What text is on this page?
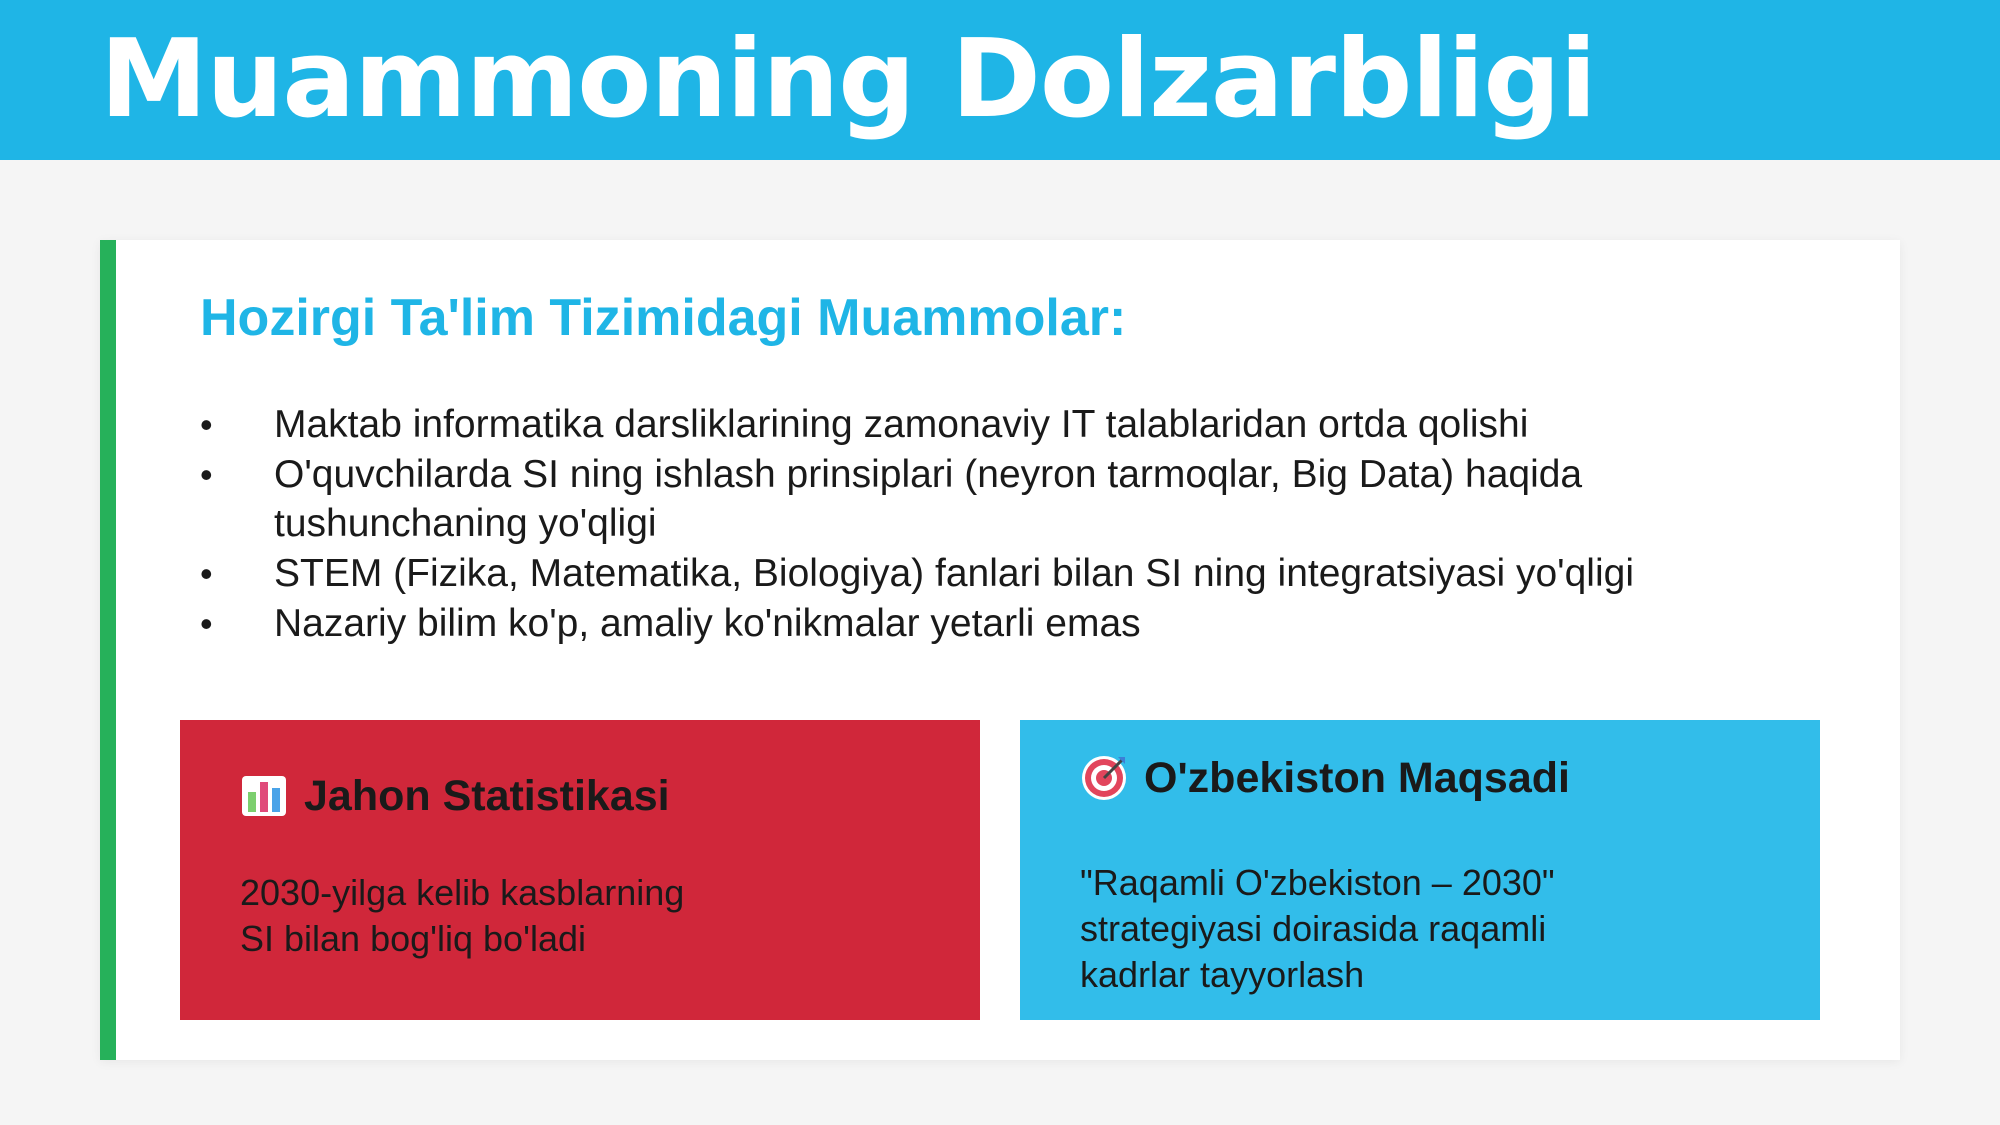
Muammoning Dolzarbligi
Hozirgi Ta'lim Tizimidagi Muammolar:
• Maktab informatika darsliklarining zamonaviy IT talablaridan ortda qolishi
• O'quvchilarda SI ning ishlash prinsiplari (neyron tarmoqlar, Big Data) haqida tushunchaning yo'qligi
• STEM (Fizika, Matematika, Biologiya) fanlari bilan SI ning integratsiyasi yo'qligi
• Nazariy bilim ko'p, amaliy ko'nikmalar yetarli emas
Jahon Statistikasi

2030-yilga kelib kasblarning
SI bilan bog'liq bo'ladi

O'zbekiston Maqsadi

"Raqamli O'zbekiston – 2030"
strategiyasi doirasida raqamli
kadrlar tayyorlash
